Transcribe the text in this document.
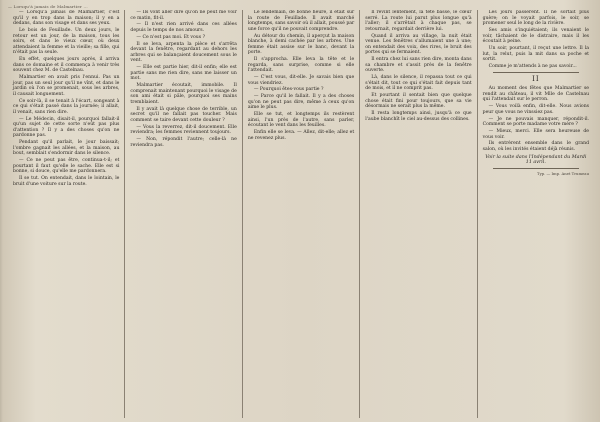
— Lorsqu'à jamais de Malmartier ...

— Lorsqu'à jamais de Malmartier, c'est qu'il y en trop dans la maison; il y en a dedans, dans son visage et dans ses yeux.

Le bois de Feuillade. Un deux jours, le retour est un jour, de la maison, tous les soirs, et dans le vieux cœur, où deux attendaient la femme et la vieille; sa fille, qui n'était pas la seule.

En effet, quelques jours après, il arriva dans ce domaine et il commença à venir très souvent chez M. de Castelnau.

Malmartier en avait pris l'ennui. Pas un jour, pas un seul jour qu'il ne vînt, et dans le jardin où l'on se promenait, sous les arbres, il causait longuement.

Ce soir-là, il se tenait à l'écart, songeant à ce qui s'était passé dans la journée; il allait, il venait, sans rien dire.

— Le Médecin, disait-il, pourquoi fallait-il qu'un sujet de cette sorte n'eût pas plus d'attention ? Il y a des choses qu'on ne pardonne pas.

Pendant qu'il parlait, le jour baissait; l'ombre gagnait les allées, et la maison, au bout, semblait s'endormir dans le silence.

— Ce ne peut pas être, continua-t-il; et pourtant il faut qu'elle le sache. Elle est si bonne, si douce, qu'elle me pardonnera.

Il se tut. On entendait, dans le lointain, le bruit d'une voiture sur la route.

— Ils vont aller dire qu'on ne peut me voir ce matin, fit-il.

— Il n'est rien arrivé dans ces allées depuis le temps de nos amours.

— Ce n'est pas moi. Et vous ?

Il se leva, arpenta la pièce et s'arrêta devant la fenêtre, regardant au dehors les arbres qui se balançaient doucement sous le vent.

— Elle est partie hier, dit-il enfin; elle est partie sans me rien dire, sans me laisser un mot.

Malmartier écoutait, immobile. Il comprenait maintenant pourquoi le visage de son ami était si pâle, pourquoi ses mains tremblaient.

Il y avait là quelque chose de terrible, un secret qu'il ne fallait pas toucher. Mais comment se taire devant cette douleur ?

— Vous la reverrez, dit-il doucement. Elle reviendra; les femmes reviennent toujours.

— Non, répondit l'autre; celle-là ne reviendra pas.

Le lendemain, de bonne heure, il était sur la route de Feuillade. Il avait marché longtemps, sans savoir où il allait, poussé par une force qu'il ne pouvait comprendre.

Au détour du chemin, il aperçut la maison blanche, à demi cachée par les arbres. Une femme était assise sur le banc, devant la porte.

Il s'approcha. Elle leva la tête et le regarda, sans surprise, comme si elle l'attendait.

— C'est vous, dit-elle. Je savais bien que vous viendriez.

— Pourquoi êtes-vous partie ?

— Parce qu'il le fallait. Il y a des choses qu'on ne peut pas dire, même à ceux qu'on aime le plus.

Elle se tut, et longtemps ils restèrent ainsi, l'un près de l'autre, sans parler, écoutant le vent dans les feuilles.

Enfin elle se leva. — Allez, dit-elle; allez et ne revenez plus.

Il revint lentement, la tête basse, le cœur serré. La route lui parut plus longue qu'à l'aller; il s'arrêtait à chaque pas, se retournait, regardait derrière lui.

Quand il arriva au village, la nuit était venue. Les fenêtres s'allumaient une à une; on entendait des voix, des rires, le bruit des portes qui se fermaient.

Il entra chez lui sans rien dire, monta dans sa chambre et s'assit près de la fenêtre ouverte.

Là, dans le silence, il repassa tout ce qui s'était dit, tout ce qui s'était fait depuis tant de mois, et il ne comprit pas.

Et pourtant il sentait bien que quelque chose était fini pour toujours, que sa vie désormais ne serait plus la même.

Il resta longtemps ainsi, jusqu'à ce que l'aube blanchît le ciel au-dessus des collines.

Les jours passèrent. Il ne sortait plus guère; on le voyait parfois, le soir, se promener seul le long de la rivière.

Ses amis s'inquiétaient; ils venaient le voir, tâchaient de le distraire, mais il les écoutait à peine.

Un soir, pourtant, il reçut une lettre. Il la lut, la relut, puis la mit dans sa poche et sortit.

Comme je m'attends à ne pas savoir...

II

Au moment des fêtes que Malmartier se rendit au château, il vit Mlle de Castelnau qui l'attendait sur le perron.

— Vous voilà enfin, dit-elle. Nous avions peur que vous ne vinssiez pas.

— Je ne pouvais manquer, répondit-il. Comment se porte madame votre mère ?

— Mieux, merci. Elle sera heureuse de vous voir.

Ils entrèrent ensemble dans le grand salon, où les invités étaient déjà réunis.

Voir la suite dans l'Indépendant du Mardi 11 avril.
Typ. — Imp. Anet Trumeau
